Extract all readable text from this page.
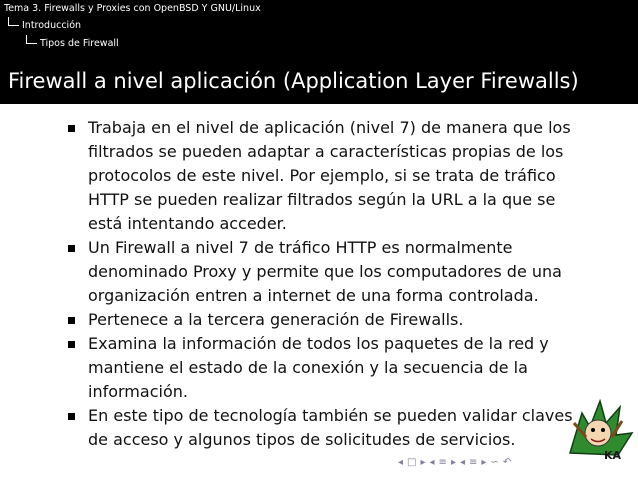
Tema 3. Firewalls y Proxies con OpenBSD Y GNU/Linux
Introducción
Tipos de Firewall
Firewall a nivel aplicación (Application Layer Firewalls)
Trabaja en el nivel de aplicación (nivel 7) de manera que los filtrados se pueden adaptar a características propias de los protocolos de este nivel. Por ejemplo, si se trata de tráfico HTTP se pueden realizar filtrados según la URL a la que se está intentando acceder.
Un Firewall a nivel 7 de tráfico HTTP es normalmente denominado Proxy y permite que los computadores de una organización entren a internet de una forma controlada.
Pertenece a la tercera generación de Firewalls.
Examina la información de todos los paquetes de la red y mantiene el estado de la conexión y la secuencia de la información.
En este tipo de tecnología también se pueden validar claves de acceso y algunos tipos de solicitudes de servicios.
KA
◂ □ ▸ ◂ ≡ ▸ ◂ ≡ ▸ ∽ ↶
